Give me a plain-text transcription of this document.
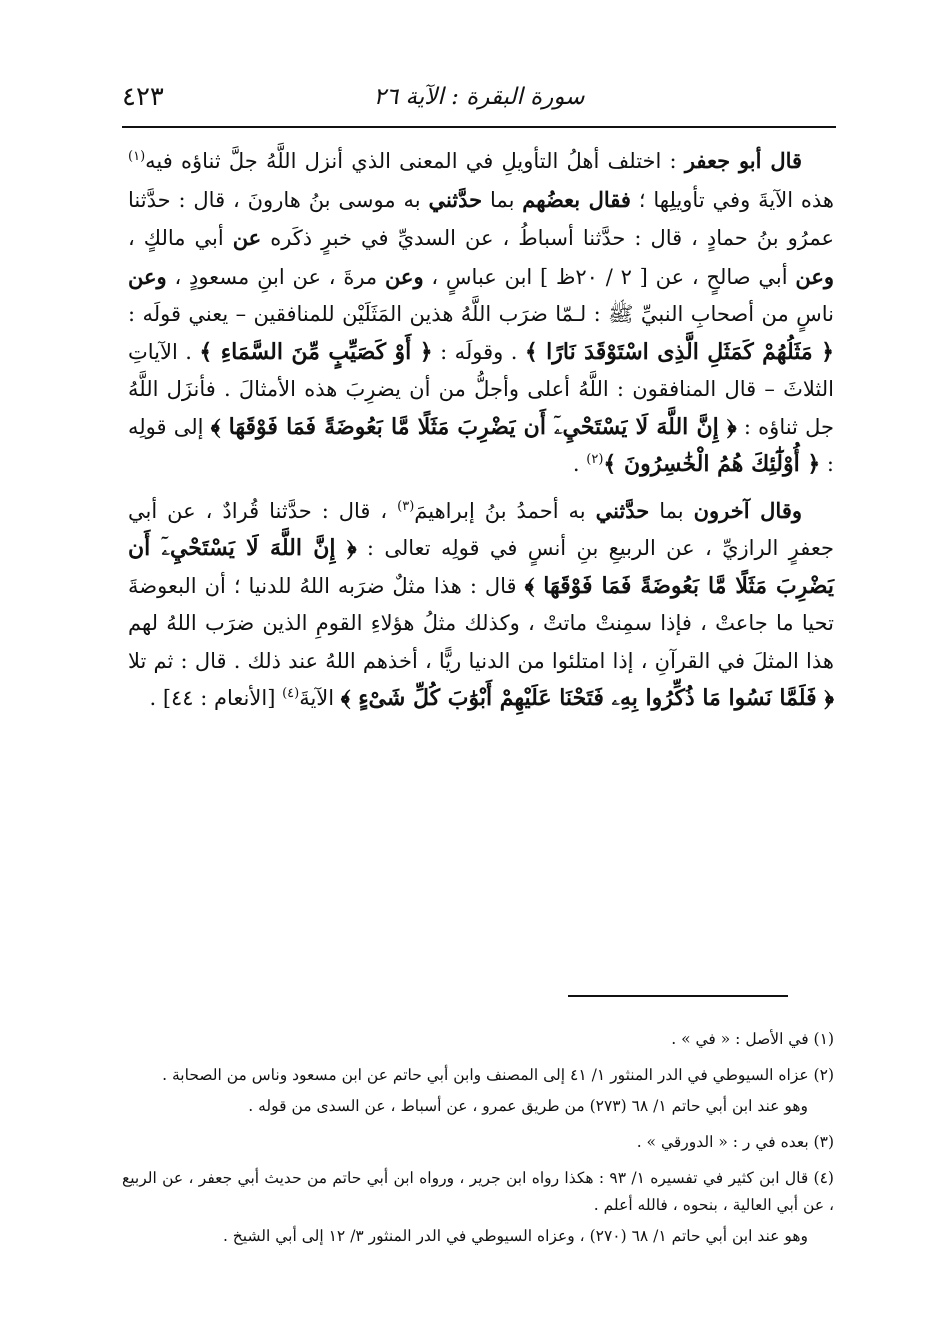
٤٢٣	سورة البقرة : الآية ٢٦

قال أبو جعفر : اختلف أهلُ التأويلِ في المعنى الذي أنزل اللَّهُ جلَّ ثناؤه فيه$^{(١)}$ هذه الآيةَ وفي تأويلِها ؛ فقال بعضُهم بما حدَّثني به موسى بنُ هارونَ ، قال : حدَّثنا عمرُو بنُ حمادٍ ، قال : حدَّثنا أسباطُ ، عن السديِّ في خبرٍ ذكَره عن أبي مالكٍ ، وعن أبي صالحٍ ، عن [ ٢ / ٢٠ظ ] ابن عباسٍ ، وعن مرةَ ، عن ابنِ مسعودٍ ، وعن ناسٍ من أصحابِ النبيِّ ﷺ : لـمّا ضرَب اللَّهُ هذين المَثَلَيْن للمنافقين – يعني قولَه : ﴿ مَثَلُهُمْ كَمَثَلِ الَّذِى اسْتَوْقَدَ نَارًا ﴾ . وقولَه : ﴿ أَوْ كَصَيِّبٍ مِّنَ السَّمَاءِ ﴾ . الآياتِ الثلاثَ – قال المنافقون : اللَّهُ أعلى وأجلُّ من أن يضرِبَ هذه الأمثالَ . فأنزَل اللَّهُ جل ثناؤه : ﴿ إِنَّ اللَّهَ لَا يَسْتَحْيِۦٓ أَن يَضْرِبَ مَثَلًا مَّا بَعُوضَةً فَمَا فَوْقَهَا ﴾ إلى قولِه : ﴿ أُوْلَٰٓئِكَ هُمُ الْخَٰسِرُونَ ﴾$^{(٢)}$ .

وقال آخرون بما حدَّثني به أحمدُ بنُ إبراهيمَ$^{(٣)}$ ، قال : حدَّثنا قُرادٌ ، عن أبي جعفرٍ الرازيِّ ، عن الربيعِ بنِ أنسٍ في قولِه تعالى : ﴿ إِنَّ اللَّهَ لَا يَسْتَحْيِۦٓ أَن يَضْرِبَ مَثَلًا مَّا بَعُوضَةً فَمَا فَوْقَهَا ﴾ قال : هذا مثلٌ ضرَبه اللهُ للدنيا ؛ أن البعوضةَ تحيا ما جاعتْ ، فإذا سمِنتْ ماتتْ ، وكذلك مثلُ هؤلاءِ القومِ الذين ضرَب اللهُ لهم هذا المثلَ في القرآنِ ، إذا امتلئوا من الدنيا ريًّا ، أخذهم اللهُ عند ذلك . قال : ثم تلا ﴿ فَلَمَّا نَسُوا مَا ذُكِّرُوا بِهِۦ فَتَحْنَا عَلَيْهِمْ أَبْوَٰبَ كُلِّ شَىْءٍ ﴾ الآيةَ$^{(٤)}$ [الأنعام : ٤٤] .

(١) في الأصل : « في » .

(٢) عزاه السيوطي في الدر المنثور ١/ ٤١ إلى المصنف وابن أبي حاتم عن ابن مسعود وناس من الصحابة .

وهو عند ابن أبي حاتم ١/ ٦٨ (٢٧٣) من طريق عمرو ، عن أسباط ، عن السدى من قوله .

(٣) بعده في ر : « الدورقي » .

(٤) قال ابن كثير في تفسيره ١/ ٩٣ : هكذا رواه ابن جرير ، ورواه ابن أبي حاتم من حديث أبي جعفر ، عن الربيع ، عن أبي العالية ، بنحوه ، فالله أعلم .

وهو عند ابن أبي حاتم ١/ ٦٨ (٢٧٠) ، وعزاه السيوطي في الدر المنثور ٣/ ١٢ إلى أبي الشيخ .
